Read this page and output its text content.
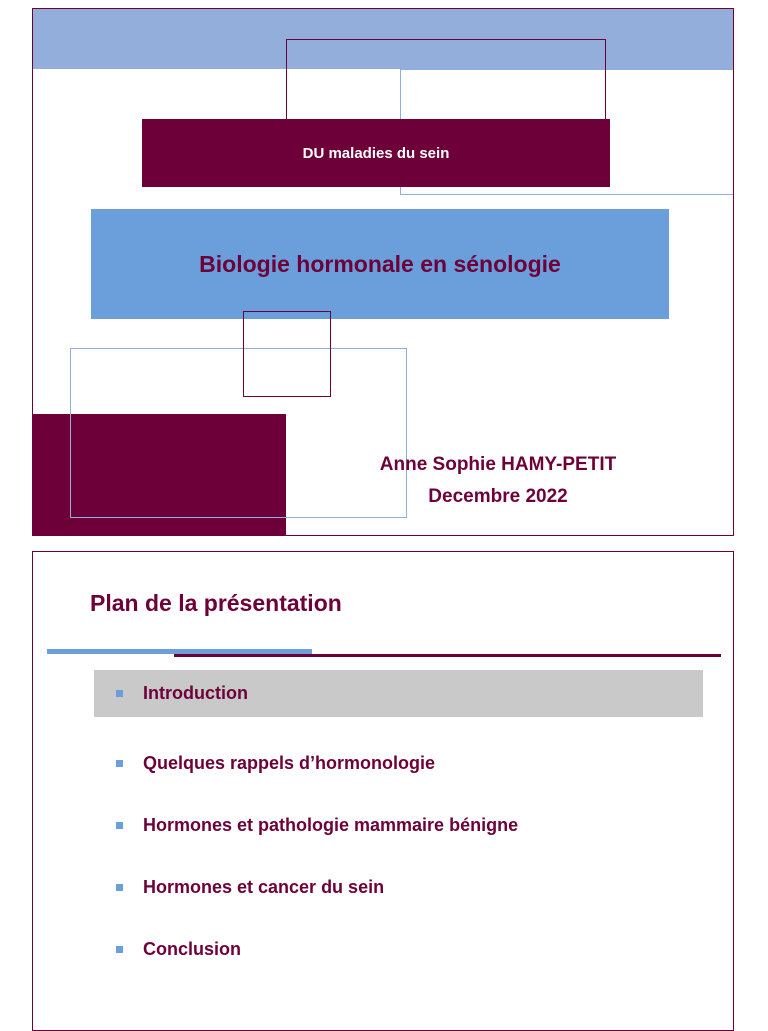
DU maladies du sein
Biologie hormonale en sénologie
Anne Sophie HAMY-PETIT
Decembre 2022
Plan de la présentation
Introduction
Quelques rappels d’hormonologie
Hormones et pathologie mammaire bénigne
Hormones et cancer du sein
Conclusion
